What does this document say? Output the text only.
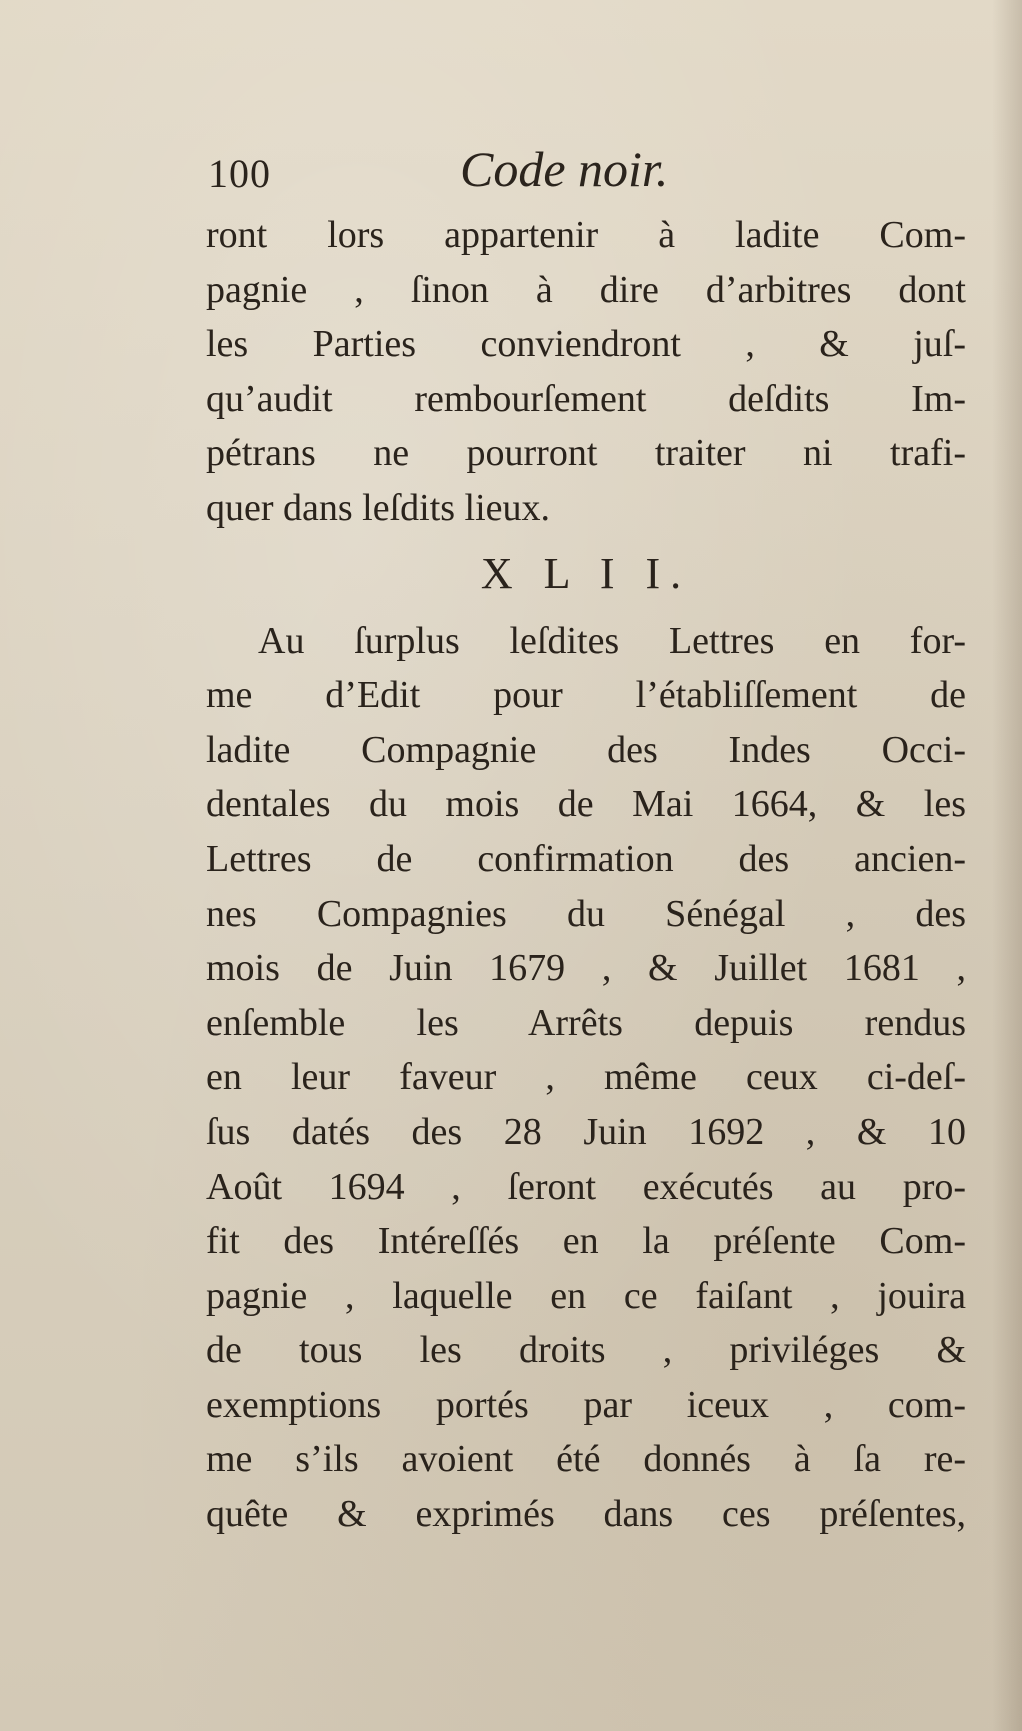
100	Code noir.
ront lors appartenir à ladite Com-
pagnie , ſinon à dire d’arbitres dont
les Parties conviendront , & juſ-
qu’audit rembourſement deſdits Im-
pétrans ne pourront traiter ni trafi-
quer dans leſdits lieux.
X L I I.
Au ſurplus leſdites Lettres en for-
me d’Edit pour l’établiſſement de
ladite Compagnie des Indes Occi-
dentales du mois de Mai 1664, & les
Lettres de confirmation des ancien-
nes Compagnies du Sénégal , des
mois de Juin 1679 , & Juillet 1681 ,
enſemble les Arrêts depuis rendus
en leur faveur , même ceux ci-deſ-
ſus datés des 28 Juin 1692 , & 10
Août 1694 , ſeront exécutés au pro-
fit des Intéreſſés en la préſente Com-
pagnie , laquelle en ce faiſant , jouira
de tous les droits , priviléges &
exemptions portés par iceux , com-
me s’ils avoient été donnés à ſa re-
quête & exprimés dans ces préſentes,
